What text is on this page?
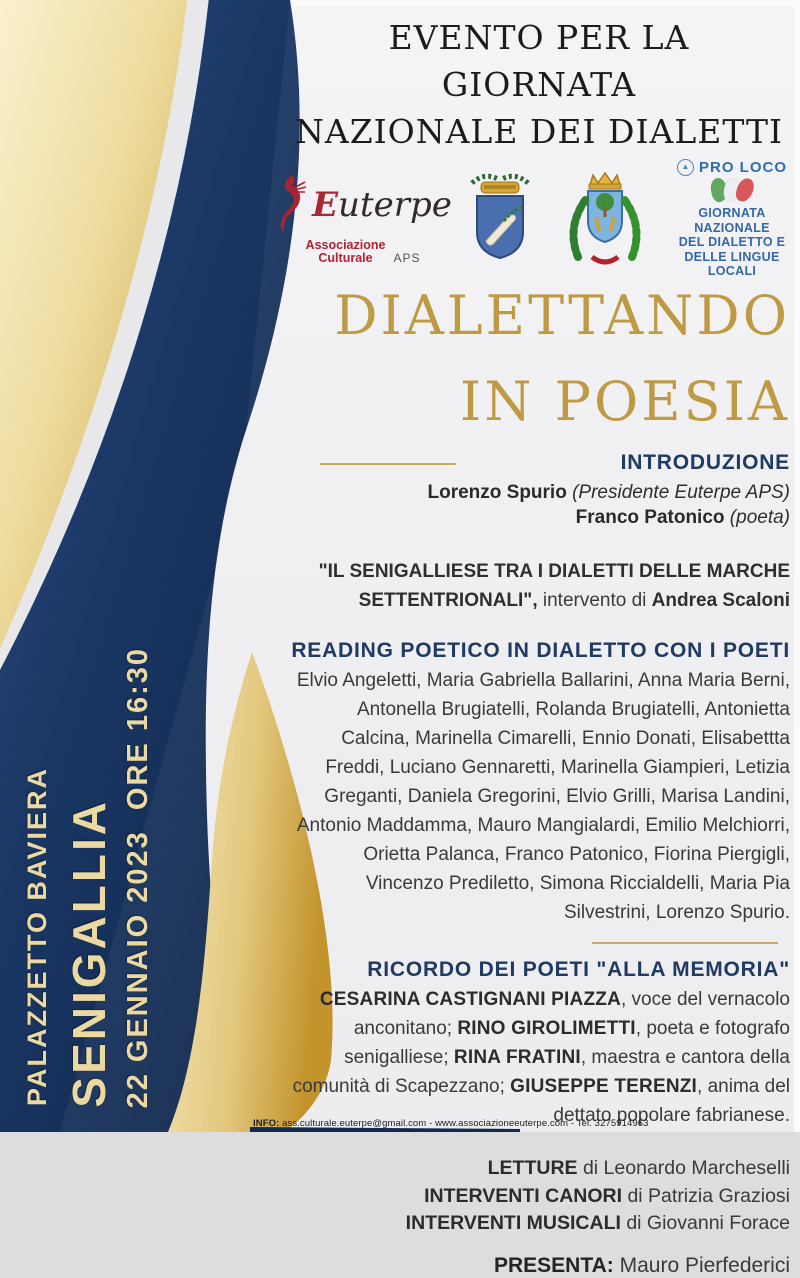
PALAZZETTO BAVIERA SENIGALLIA 22 GENNAIO 2023  ORE 16:30
EVENTO PER LA GIORNATA
NAZIONALE DEI DIALETTI
Euterpe
Associazione
Culturale	APS
▲ PRO LOCO
GIORNATA NAZIONALE
DEL DIALETTO E
DELLE LINGUE LOCALI
DIALETTANDO
IN POESIA
INTRODUZIONE
Lorenzo Spurio (Presidente Euterpe APS)
Franco Patonico (poeta)
"IL SENIGALLIESE TRA I DIALETTI DELLE MARCHE SETTENTRIONALI", intervento di Andrea Scaloni
READING POETICO IN DIALETTO CON I POETI
Elvio Angeletti, Maria Gabriella Ballarini, Anna Maria Berni, Antonella Brugiatelli, Rolanda Brugiatelli, Antonietta Calcina, Marinella Cimarelli, Ennio Donati, Elisabettta Freddi, Luciano Gennaretti, Marinella Giampieri, Letizia Greganti, Daniela Gregorini, Elvio Grilli, Marisa Landini, Antonio Maddamma, Mauro Mangialardi, Emilio Melchiorri, Orietta Palanca, Franco Patonico, Fiorina Piergigli, Vincenzo Prediletto, Simona Riccialdelli, Maria Pia Silvestrini, Lorenzo Spurio.
RICORDO DEI POETI "ALLA MEMORIA"
CESARINA CASTIGNANI PIAZZA, voce del vernacolo anconitano; RINO GIROLIMETTI, poeta e fotografo senigalliese; RINA FRATINI, maestra e cantora della comunità di Scapezzano; GIUSEPPE TERENZI, anima del dettato popolare fabrianese.
LETTURE di Leonardo Marcheselli
INTERVENTI CANORI di Patrizia Graziosi
INTERVENTI MUSICALI di Giovanni Forace
PRESENTA: Mauro Pierfederici
INFO: ass.culturale.euterpe@gmail.com - www.associazioneeuterpe.com - Tel. 3275914963
